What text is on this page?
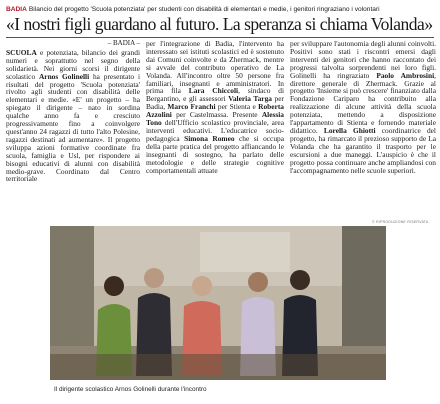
BADIA Bilancio del progetto 'Scuola potenziata' per studenti con disabilità di elementari e medie, i genitori ringraziano i volontari
«I nostri figli guardano al futuro. La speranza si chiama Volanda»
– BADIA –

SCUOLA e potenziata, bilancio dei grandi numeri e soprattutto nel segno della solidarietà. Nei giorni scorsi il dirigente scolastico Arnos Golinelli ha presentato i risultati del progetto 'Scuola potenziata' rivolto agli studenti con disabilità delle elementari e medie. «E' un progetto – ha spiegato il dirigente – nato in sordina qualche anno fa e cresciuto progressivamente fino a coinvolgere quest'anno 24 ragazzi di tutto l'alto Polesine, ragazzi destinati ad aumentare». Il progetto sviluppa azioni formative coordinate fra scuola, famiglia e Usl, per rispondere ai bisogni educativi di alunni con disabilità medio-grave. Coordinato dal Centro territoriale

per l'integrazione di Badia, l'intervento ha interessato sei istituti scolastici ed è sostenuto dai Comuni coinvolte e da Zhermack, mentre si avvale del contributo operativo de La Volanda. All'incontro oltre 50 persone fra familiari, insegnanti e amministratori. In prima fila Lara Chiccoli, sindaco di Bergantino, e gli assessori Valeria Targa per Badia, Marco Franchi per Stienta e Roberta Azzolini per Castelmassa. Presente Alessia Tono dell'Ufficio scolastico provinciale, area interventi educativi. L'educatrice socio-pedagogica Simona Romeo che si occupa della parte pratica del progetto affiancando le insegnanti di sostegno, ha parlato delle metodologie e delle strategie cognitive comportamentali attuate

per sviluppare l'autonomia degli alunni coinvolti. Positivi sono stati i riscontri emersi dagli interventi dei genitori che hanno raccontato dei progressi talvolta sorprendenti nei loro figli. Golinelli ha ringraziato Paolo Ambrosini, direttore generale di Zhermack. Grazie al progetto 'Insieme si può crescere' finanziato dalla Fondazione Cariparo ha contribuito alla realizzazione di alcune attività della scuola potenziata, mettendo a disposizione l'appartamento di Stienta e fornendo materiale didattico. Lorella Ghiotti coordinatrice del progetto, ha rimarcato il prezioso supporto de La Volanda che ha garantito il trasporto per le escursioni a due maneggi. L'auspicio è che il progetto possa continuare anche ampliandosi con l'accompagnamento nelle scuole superiori.

© RIPRODUZIONE RISERVATA
Il dirigente scolastico Arnos Golinelli durante l'incontro
